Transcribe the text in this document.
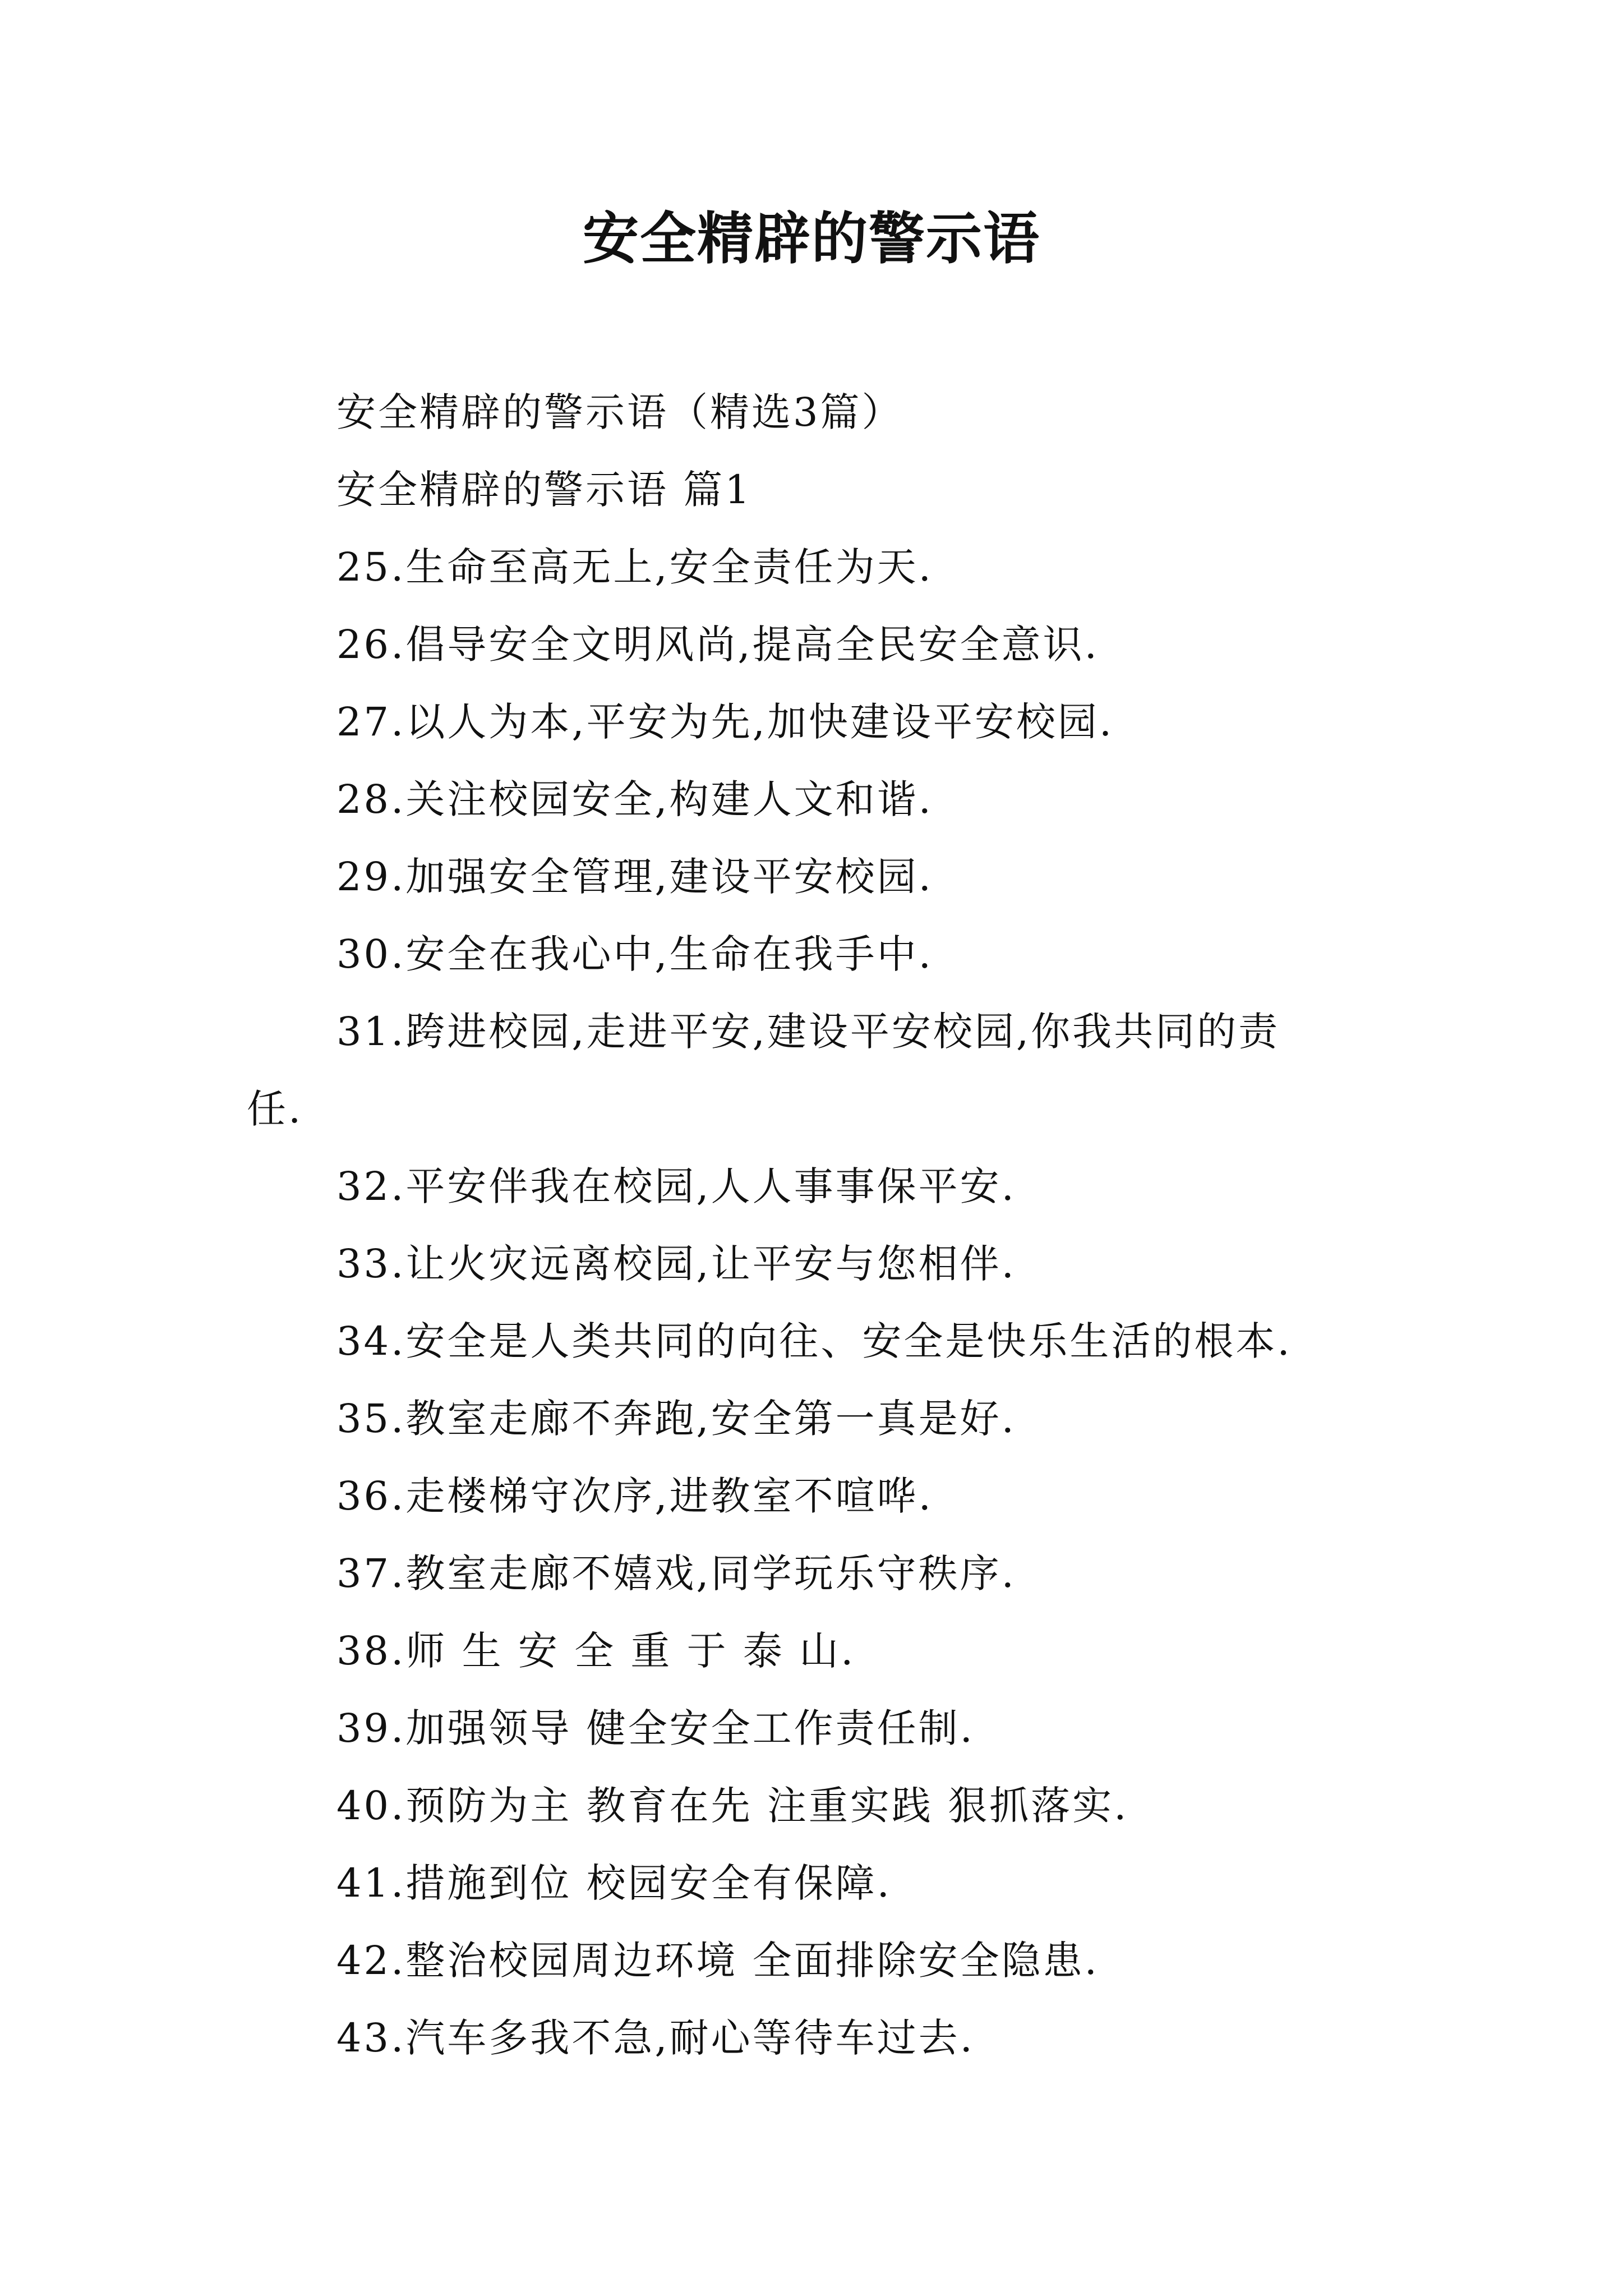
安全精辟的警示语
安全精辟的警示语（精选3篇）
安全精辟的警示语 篇1
25.生命至高无上,安全责任为天.
26.倡导安全文明风尚,提高全民安全意识.
27.以人为本,平安为先,加快建设平安校园.
28.关注校园安全,构建人文和谐.
29.加强安全管理,建设平安校园.
30.安全在我心中,生命在我手中.
31.跨进校园,走进平安,建设平安校园,你我共同的责
任.
32.平安伴我在校园,人人事事保平安.
33.让火灾远离校园,让平安与您相伴.
34.安全是人类共同的向往、安全是快乐生活的根本.
35.教室走廊不奔跑,安全第一真是好.
36.走楼梯守次序,进教室不喧哗.
37.教室走廊不嬉戏,同学玩乐守秩序.
38.师 生 安 全 重 于 泰 山.
39.加强领导 健全安全工作责任制.
40.预防为主 教育在先 注重实践 狠抓落实.
41.措施到位 校园安全有保障.
42.整治校园周边环境 全面排除安全隐患.
43.汽车多我不急,耐心等待车过去.
